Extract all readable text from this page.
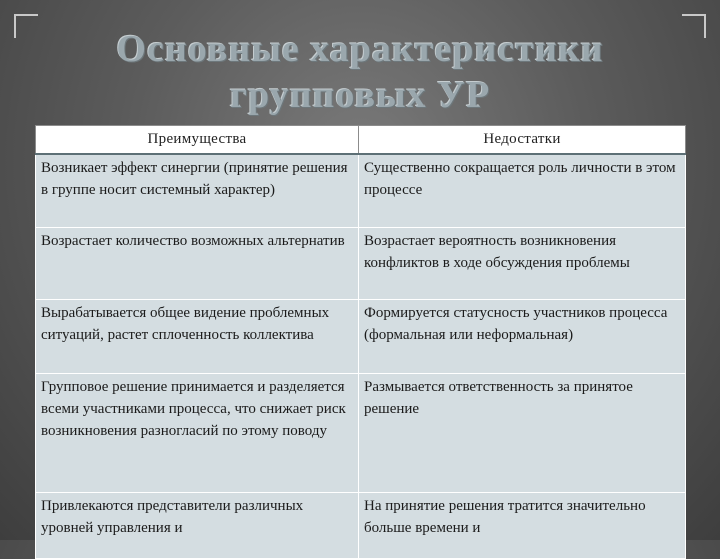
Основные характеристики
групповых УР
Преимущества	Недостатки
Возникает эффект синергии (принятие решения в группе носит системный характер)	Существенно сокращается роль личности в этом процессе
Возрастает количество возможных альтернатив	Возрастает вероятность возникновения конфликтов в ходе обсуждения проблемы
Вырабатывается общее видение проблемных ситуаций, растет сплоченность коллектива	Формируется статусность участников процесса (формальная или неформальная)
Групповое решение принимается и разделяется всеми участниками процесса, что снижает риск возникновения разногласий по этому поводу	Размывается ответственность за принятое решение
Привлекаются представители различных уровней управления и	На принятие решения тратится значительно больше времени и
